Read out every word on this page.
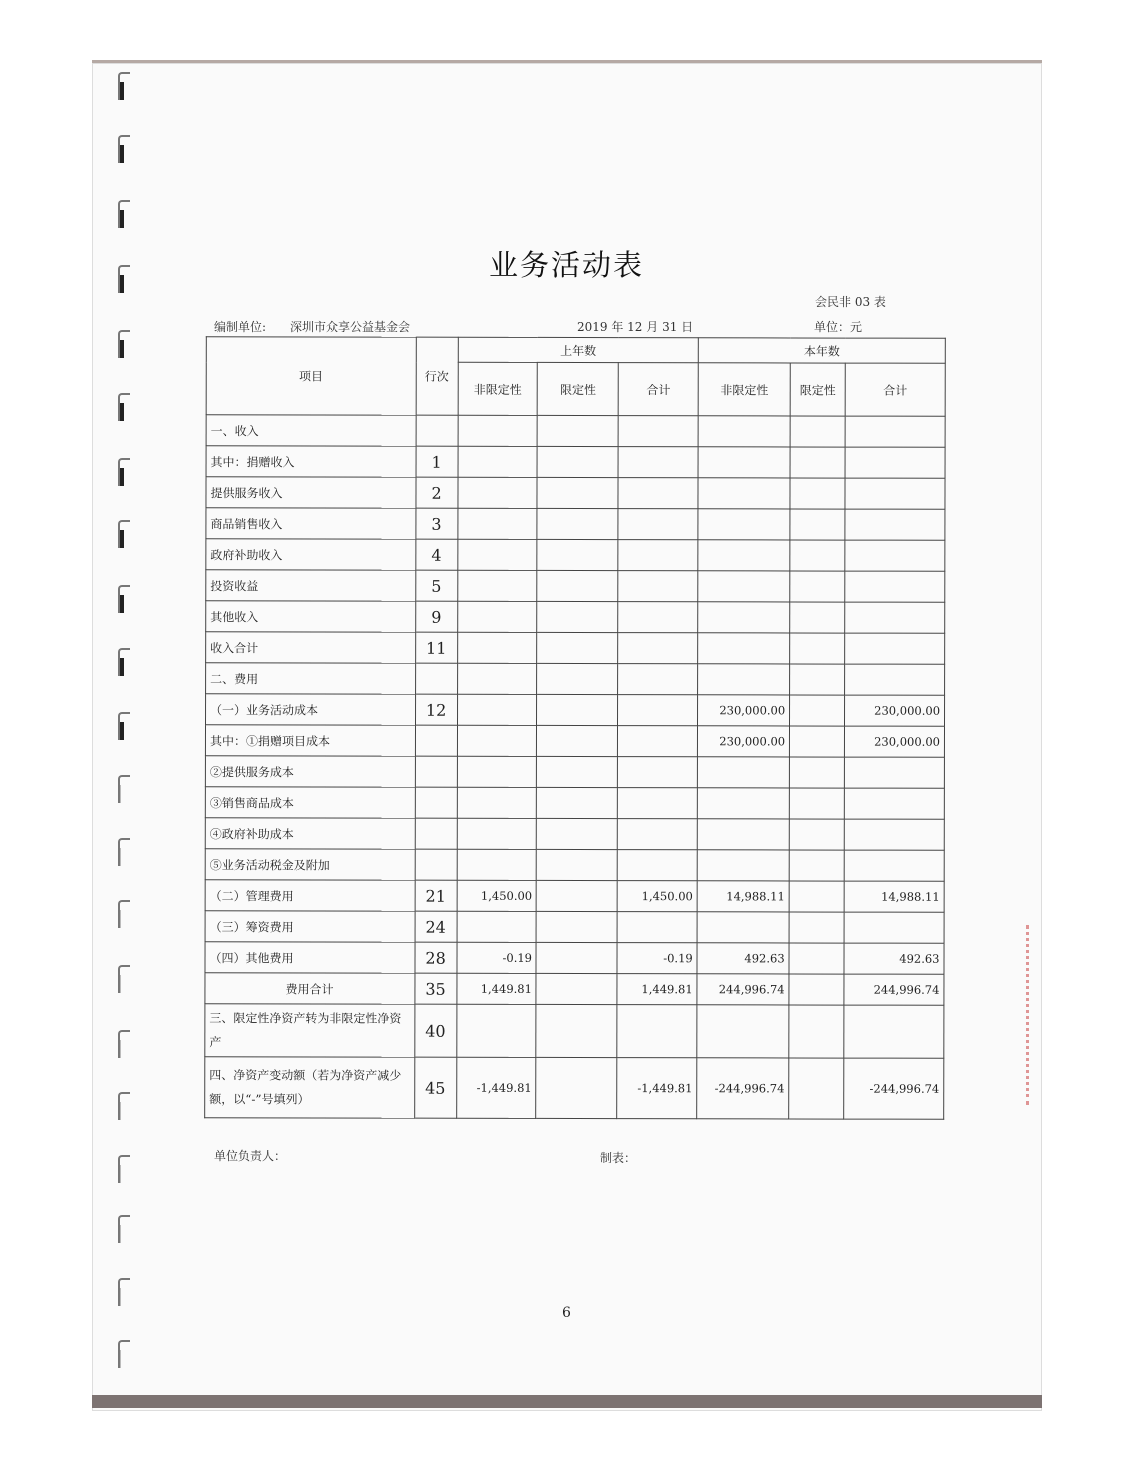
业务活动表
会民非 03 表
编制单位: 深圳市众享公益基金会	2019 年 12 月 31 日	单位：元
项目	行次	上年数			本年数		
		非限定性	限定性	合计	非限定性	限定性	合计
一、收入							
其中：捐赠收入	1						
提供服务收入	2						
商品销售收入	3						
政府补助收入	4						
投资收益	5						
其他收入	9						
收入合计	11						
二、费用							
（一）业务活动成本	12				230,000.00		230,000.00
其中：①捐赠项目成本					230,000.00		230,000.00
②提供服务成本							
③销售商品成本							
④政府补助成本							
⑤业务活动税金及附加							
（二）管理费用	21	1,450.00		1,450.00	14,988.11		14,988.11
（三）筹资费用	24						
（四）其他费用	28	-0.19		-0.19	492.63		492.63
费用合计	35	1,449.81		1,449.81	244,996.74		244,996.74
三、限定性净资产转为非限定性净资产	40						
四、净资产变动额（若为净资产减少额，以“-”号填列）	45	-1,449.81		-1,449.81	-244,996.74		-244,996.74
单位负责人：	制表：
6
